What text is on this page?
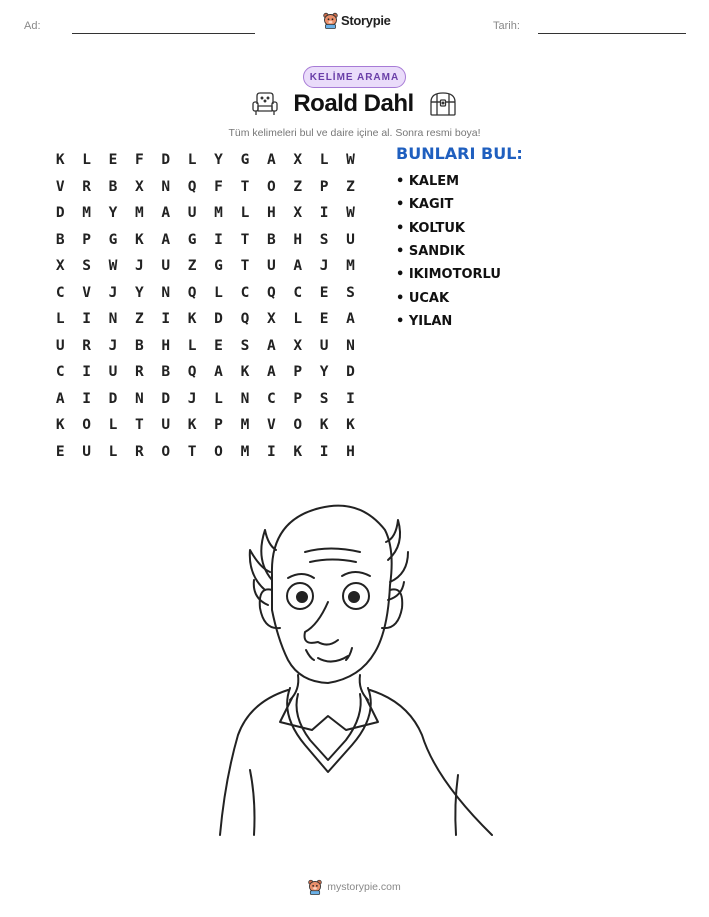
Ad:	Tarih:
Storypie
KELİME ARAMA
Roald Dahl
Tüm kelimeleri bul ve daire içine al. Sonra resmi boya!
K	L	E	F	D	L	Y	G	A	X	L	W
V	R	B	X	N	Q	F	T	O	Z	P	Z
D	M	Y	M	A	U	M	L	H	X	I	W
B	P	G	K	A	G	I	T	B	H	S	U
X	S	W	J	U	Z	G	T	U	A	J	M
C	V	J	Y	N	Q	L	C	Q	C	E	S
L	I	N	Z	I	K	D	Q	X	L	E	A
U	R	J	B	H	L	E	S	A	X	U	N
C	I	U	R	B	Q	A	K	A	P	Y	D
A	I	D	N	D	J	L	N	C	P	S	I
K	O	L	T	U	K	P	M	V	O	K	K
E	U	L	R	O	T	O	M	I	K	I	H
BUNLARI BUL:
• KALEM
• KAGIT
• KOLTUK
• SANDIK
• IKIMOTORLU
• UCAK
• YILAN
mystorypie.com
